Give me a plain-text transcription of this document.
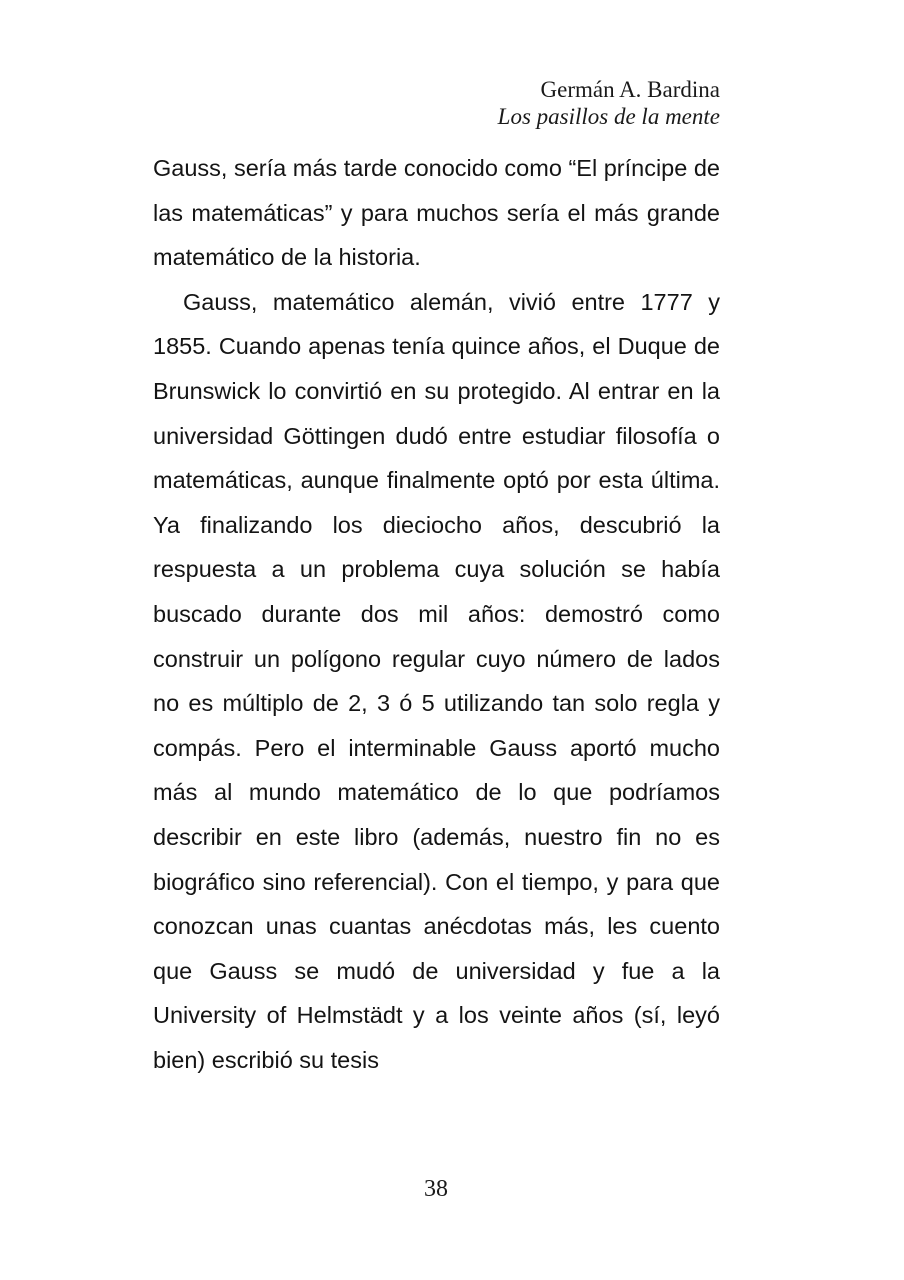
Germán A. Bardina
Los pasillos de la mente

Gauss, sería más tarde conocido como “El príncipe de las matemáticas” y para muchos sería el más grande matemático de la historia.

Gauss, matemático alemán, vivió entre 1777 y 1855. Cuando apenas tenía quince años, el Duque de Brunswick lo convirtió en su protegido. Al entrar en la universidad Göttingen dudó entre estudiar filosofía o matemáticas, aunque finalmente optó por esta última. Ya finalizando los dieciocho años, descubrió la respuesta a un problema cuya solución se había buscado durante dos mil años: demostró como construir un polígono regular cuyo número de lados no es múltiplo de 2, 3 ó 5 utilizando tan solo regla y compás. Pero el interminable Gauss aportó mucho más al mundo matemático de lo que podríamos describir en este libro (además, nuestro fin no es biográfico sino referencial). Con el tiempo, y para que conozcan unas cuantas anécdotas más, les cuento que Gauss se mudó de universidad y fue a la University of Helmstädt y a los veinte años (sí, leyó bien) escribió su tesis

38
